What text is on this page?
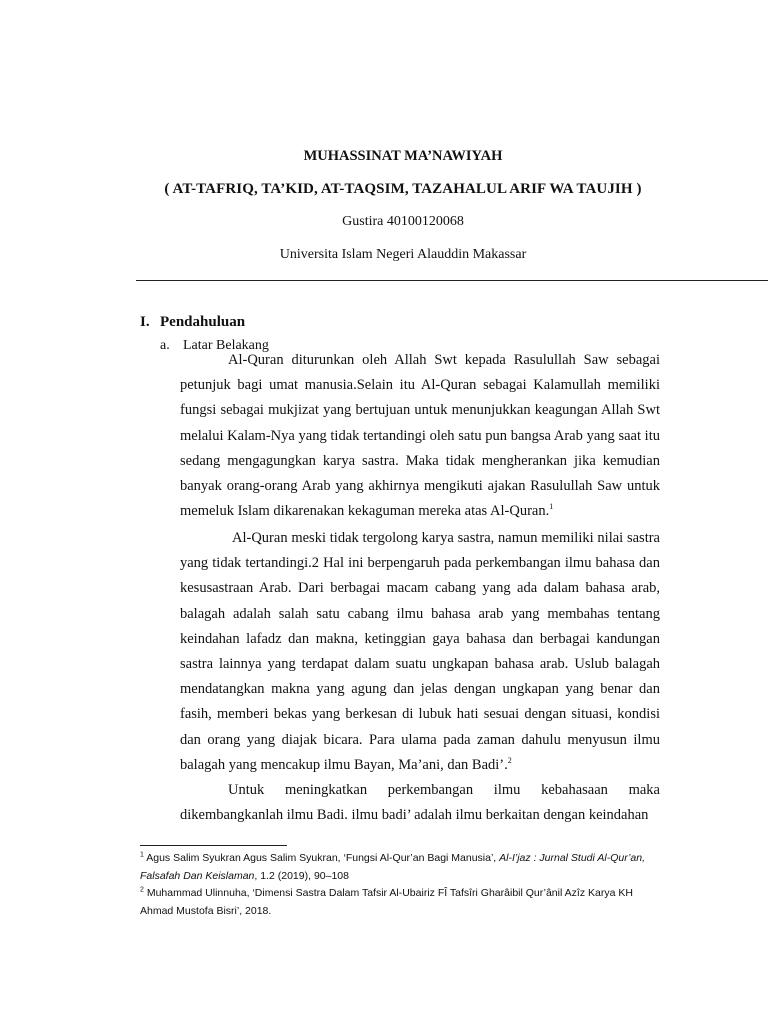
MUHASSINAT MA’NAWIYAH
( AT-TAFRIQ, TA’KID, AT-TAQSIM, TAZAHALUL ARIF WA TAUJIH )
Gustira 40100120068
Universita Islam Negeri Alauddin Makassar
I. Pendahuluan
a. Latar Belakang
Al-Quran diturunkan oleh Allah Swt kepada Rasulullah Saw sebagai petunjuk bagi umat manusia.Selain itu Al-Quran sebagai Kalamullah memiliki fungsi sebagai mukjizat yang bertujuan untuk menunjukkan keagungan Allah Swt melalui Kalam-Nya yang tidak tertandingi oleh satu pun bangsa Arab yang saat itu sedang mengagungkan karya sastra. Maka tidak mengherankan jika kemudian banyak orang-orang Arab yang akhirnya mengikuti ajakan Rasulullah Saw untuk memeluk Islam dikarenakan kekaguman mereka atas Al-Quran.$^1$
Al-Quran meski tidak tergolong karya sastra, namun memiliki nilai sastra yang tidak tertandingi.2 Hal ini berpengaruh pada perkembangan ilmu bahasa dan kesusastraan Arab. Dari berbagai macam cabang yang ada dalam bahasa arab, balagah adalah salah satu cabang ilmu bahasa arab yang membahas tentang keindahan lafadz dan makna, ketinggian gaya bahasa dan berbagai kandungan sastra lainnya yang terdapat dalam suatu ungkapan bahasa arab. Uslub balagah mendatangkan makna yang agung dan jelas dengan ungkapan yang benar dan fasih, memberi bekas yang berkesan di lubuk hati sesuai dengan situasi, kondisi dan orang yang diajak bicara. Para ulama pada zaman dahulu menyusun ilmu balagah yang mencakup ilmu Bayan, Ma’ani, dan Badi’.$^2$
Untuk meningkatkan perkembangan ilmu kebahasaan maka dikembangkanlah ilmu Badi. ilmu badi’ adalah ilmu berkaitan dengan keindahan
$^1$ Agus Salim Syukran Agus Salim Syukran, ‘Fungsi Al-Qur’an Bagi Manusia’, Al-I’jaz : Jurnal Studi Al-Qur’an, Falsafah Dan Keislaman, 1.2 (2019), 90–108
$^2$ Muhammad Ulinnuha, ‘Dimensi Sastra Dalam Tafsir Al-Ubairiz FÎ Tafsîri Gharâibil Qur’ânil Azîz Karya KH Ahmad Mustofa Bisri’, 2018.
